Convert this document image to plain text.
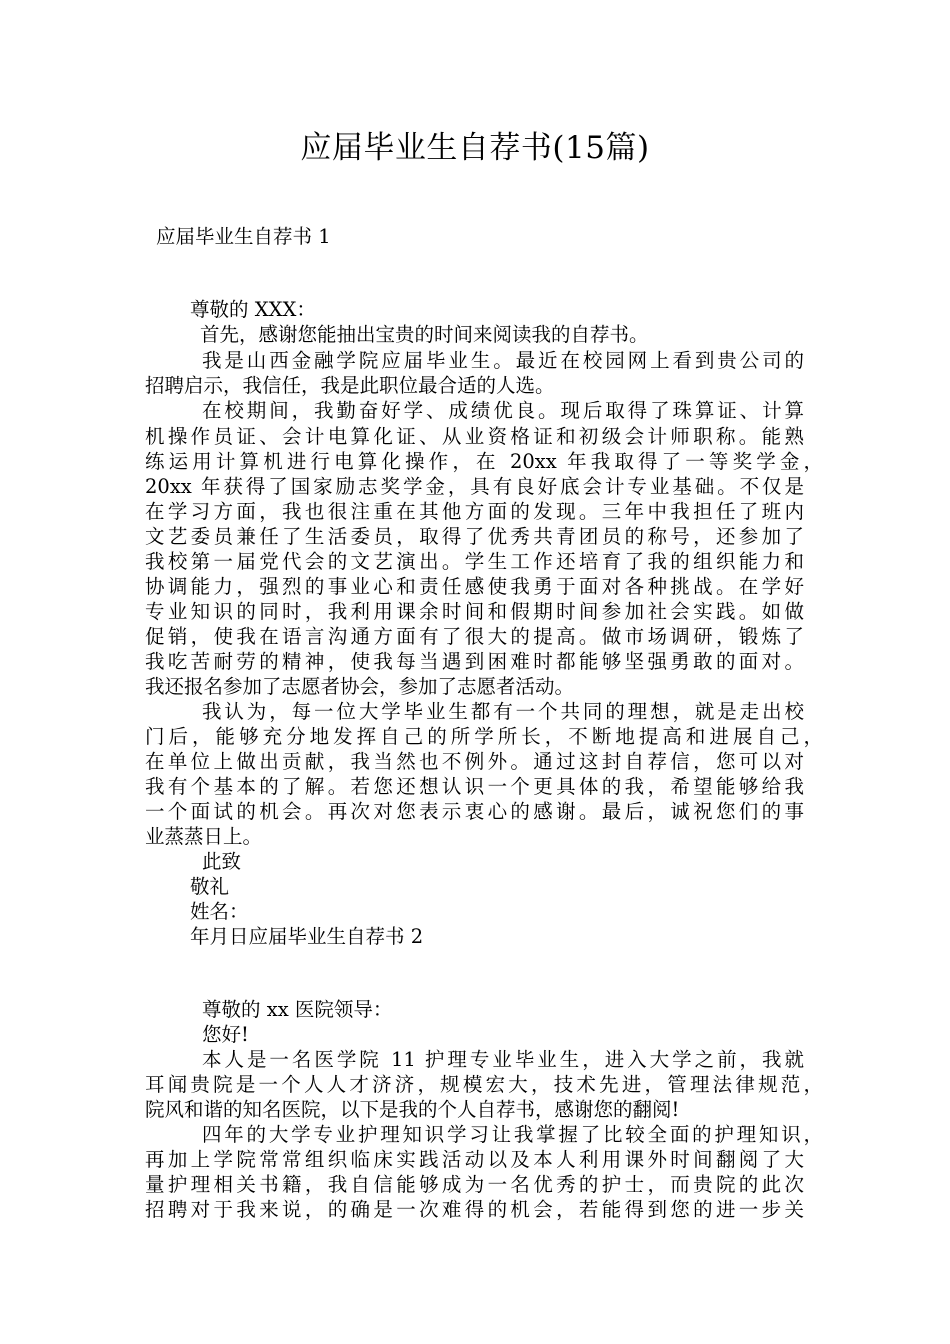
应届毕业生自荐书(15篇)
应届毕业生自荐书 1
尊敬的 XXX：
首先，感谢您能抽出宝贵的时间来阅读我的自荐书。
我是山西金融学院应届毕业生。最近在校园网上看到贵公司的
招聘启示，我信任，我是此职位最合适的人选。
在校期间，我勤奋好学、成绩优良。现后取得了珠算证、计算
机操作员证、会计电算化证、从业资格证和初级会计师职称。能熟
练运用计算机进行电算化操作，在 20xx 年我取得了一等奖学金，
20xx 年获得了国家励志奖学金，具有良好底会计专业基础。不仅是
在学习方面，我也很注重在其他方面的发现。三年中我担任了班内
文艺委员兼任了生活委员，取得了优秀共青团员的称号，还参加了
我校第一届党代会的文艺演出。学生工作还培育了我的组织能力和
协调能力，强烈的事业心和责任感使我勇于面对各种挑战。在学好
专业知识的同时，我利用课余时间和假期时间参加社会实践。如做
促销，使我在语言沟通方面有了很大的提高。做市场调研，锻炼了
我吃苦耐劳的精神，使我每当遇到困难时都能够坚强勇敢的面对。
我还报名参加了志愿者协会，参加了志愿者活动。
我认为，每一位大学毕业生都有一个共同的理想，就是走出校
门后，能够充分地发挥自己的所学所长，不断地提高和进展自己，
在单位上做出贡献，我当然也不例外。通过这封自荐信，您可以对
我有个基本的了解。若您还想认识一个更具体的我，希望能够给我
一个面试的机会。再次对您表示衷心的感谢。最后，诚祝您们的事
业蒸蒸日上。
此致
敬礼
姓名：
年月日应届毕业生自荐书 2
尊敬的 xx 医院领导：
您好!
本人是一名医学院 11 护理专业毕业生，进入大学之前，我就
耳闻贵院是一个人人才济济，规模宏大，技术先进，管理法律规范，
院风和谐的知名医院，以下是我的个人自荐书，感谢您的翻阅!
四年的大学专业护理知识学习让我掌握了比较全面的护理知识，
再加上学院常常组织临床实践活动以及本人利用课外时间翻阅了大
量护理相关书籍，我自信能够成为一名优秀的护士，而贵院的此次
招聘对于我来说，的确是一次难得的机会，若能得到您的进一步关
